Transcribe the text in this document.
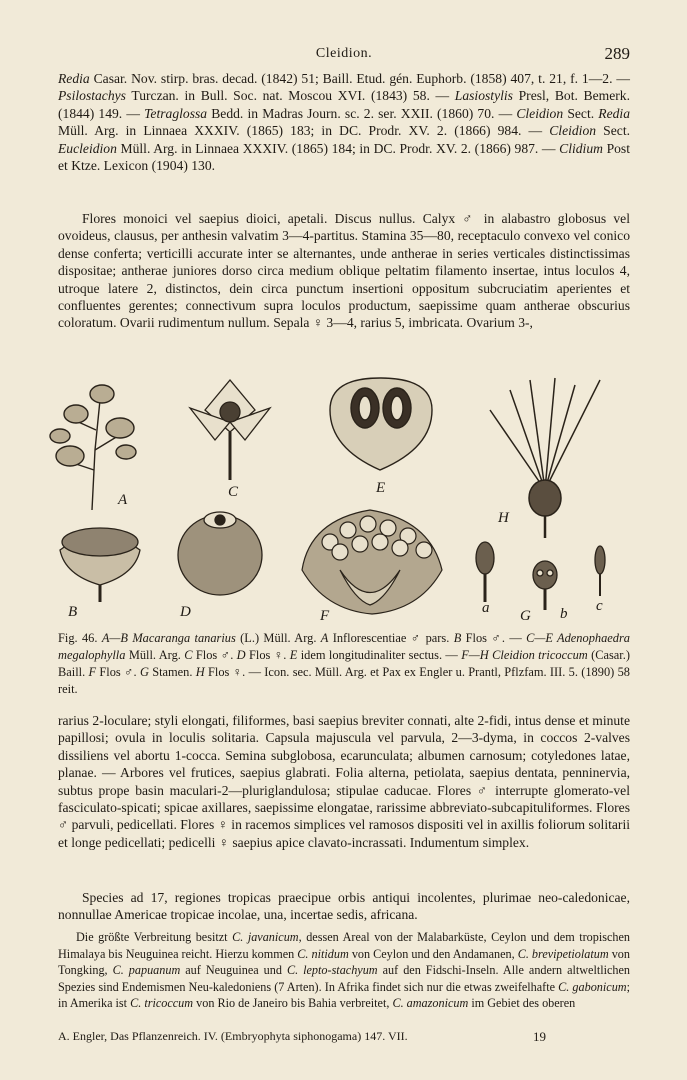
Cleidion.	289
Redia Casar. Nov. stirp. bras. decad. (1842) 51; Baill. Etud. gén. Euphorb. (1858) 407, t. 21, f. 1—2. — Psilostachys Turczan. in Bull. Soc. nat. Moscou XVI. (1843) 58. — Lasiostylis Presl, Bot. Bemerk. (1844) 149. — Tetraglossa Bedd. in Madras Journ. sc. 2. ser. XXII. (1860) 70. — Cleidion Sect. Redia Müll. Arg. in Linnaea XXXIV. (1865) 183; in DC. Prodr. XV. 2. (1866) 984. — Cleidion Sect. Eucleidion Müll. Arg. in Linnaea XXXIV. (1865) 184; in DC. Prodr. XV. 2. (1866) 987. — Clidium Post et Ktze. Lexicon (1904) 130.
Flores monoici vel saepius dioici, apetali. Discus nullus. Calyx ♂ in alabastro globosus vel ovoideus, clausus, per anthesin valvatim 3—4-partitus. Stamina 35—80, receptaculo convexo vel conico dense conferta; verticilli accurate inter se alternantes, unde antherae in series verticales distinctissimas dispositae; antherae juniores dorso circa medium oblique peltatim filamento insertae, intus loculos 4, utroque latere 2, distinctos, dein circa punctum insertioni oppositum subcruciatim aperientes et confluentes gerentes; connectivum supra loculos productum, saepissime quam antherae obscurius coloratum. Ovarii rudimentum nullum. Sepala ♀ 3—4, rarius 5, imbricata. Ovarium 3-,
A
B
C
D
E
F	G
H
a	b c
Fig. 46. A—B Macaranga tanarius (L.) Müll. Arg. A Inflorescentiae ♂ pars. B Flos ♂. — C—E Adenophaedra megalophylla Müll. Arg. C Flos ♂. D Flos ♀. E idem longitudinaliter sectus. — F—H Cleidion tricoccum (Casar.) Baill. F Flos ♂. G Stamen. H Flos ♀. — Icon. sec. Müll. Arg. et Pax ex Engler u. Prantl, Pflzfam. III. 5. (1890) 58 reit.
rarius 2-loculare; styli elongati, filiformes, basi saepius breviter connati, alte 2-fidi, intus dense et minute papillosi; ovula in loculis solitaria. Capsula majuscula vel parvula, 2—3-dyma, in coccos 2-valves dissiliens vel abortu 1-cocca. Semina subglobosa, ecarunculata; albumen carnosum; cotyledones latae, planae. — Arbores vel frutices, saepius glabrati. Folia alterna, petiolata, saepius dentata, penninervia, subtus prope basin maculari-2—pluriglandulosa; stipulae caducae. Flores ♂ interrupte glomerato-vel fasciculato-spicati; spicae axillares, saepissime elongatae, rarissime abbreviato-subcapituliformes. Flores ♂ parvuli, pedicellati. Flores ♀ in racemos simplices vel ramosos dispositi vel in axillis foliorum solitarii et longe pedicellati; pedicelli ♀ saepius apice clavato-incrassati. Indumentum simplex.
Species ad 17, regiones tropicas praecipue orbis antiqui incolentes, plurimae neo-caledonicae, nonnullae Americae tropicae incolae, una, incertae sedis, africana.
Die größte Verbreitung besitzt C. javanicum, dessen Areal von der Malabarküste, Ceylon und dem tropischen Himalaya bis Neuguinea reicht. Hierzu kommen C. nitidum von Ceylon und den Andamanen, C. brevipetiolatum von Tongking, C. papuanum auf Neuguinea und C. lepto-stachyum auf den Fidschi-Inseln. Alle andern altweltlichen Spezies sind Endemismen Neu-kaledoniens (7 Arten). In Afrika findet sich nur die etwas zweifelhafte C. gabonicum; in Amerika ist C. tricoccum von Rio de Janeiro bis Bahia verbreitet, C. amazonicum im Gebiet des oberen
A. Engler, Das Pflanzenreich. IV. (Embryophyta siphonogama) 147. VII.	19
